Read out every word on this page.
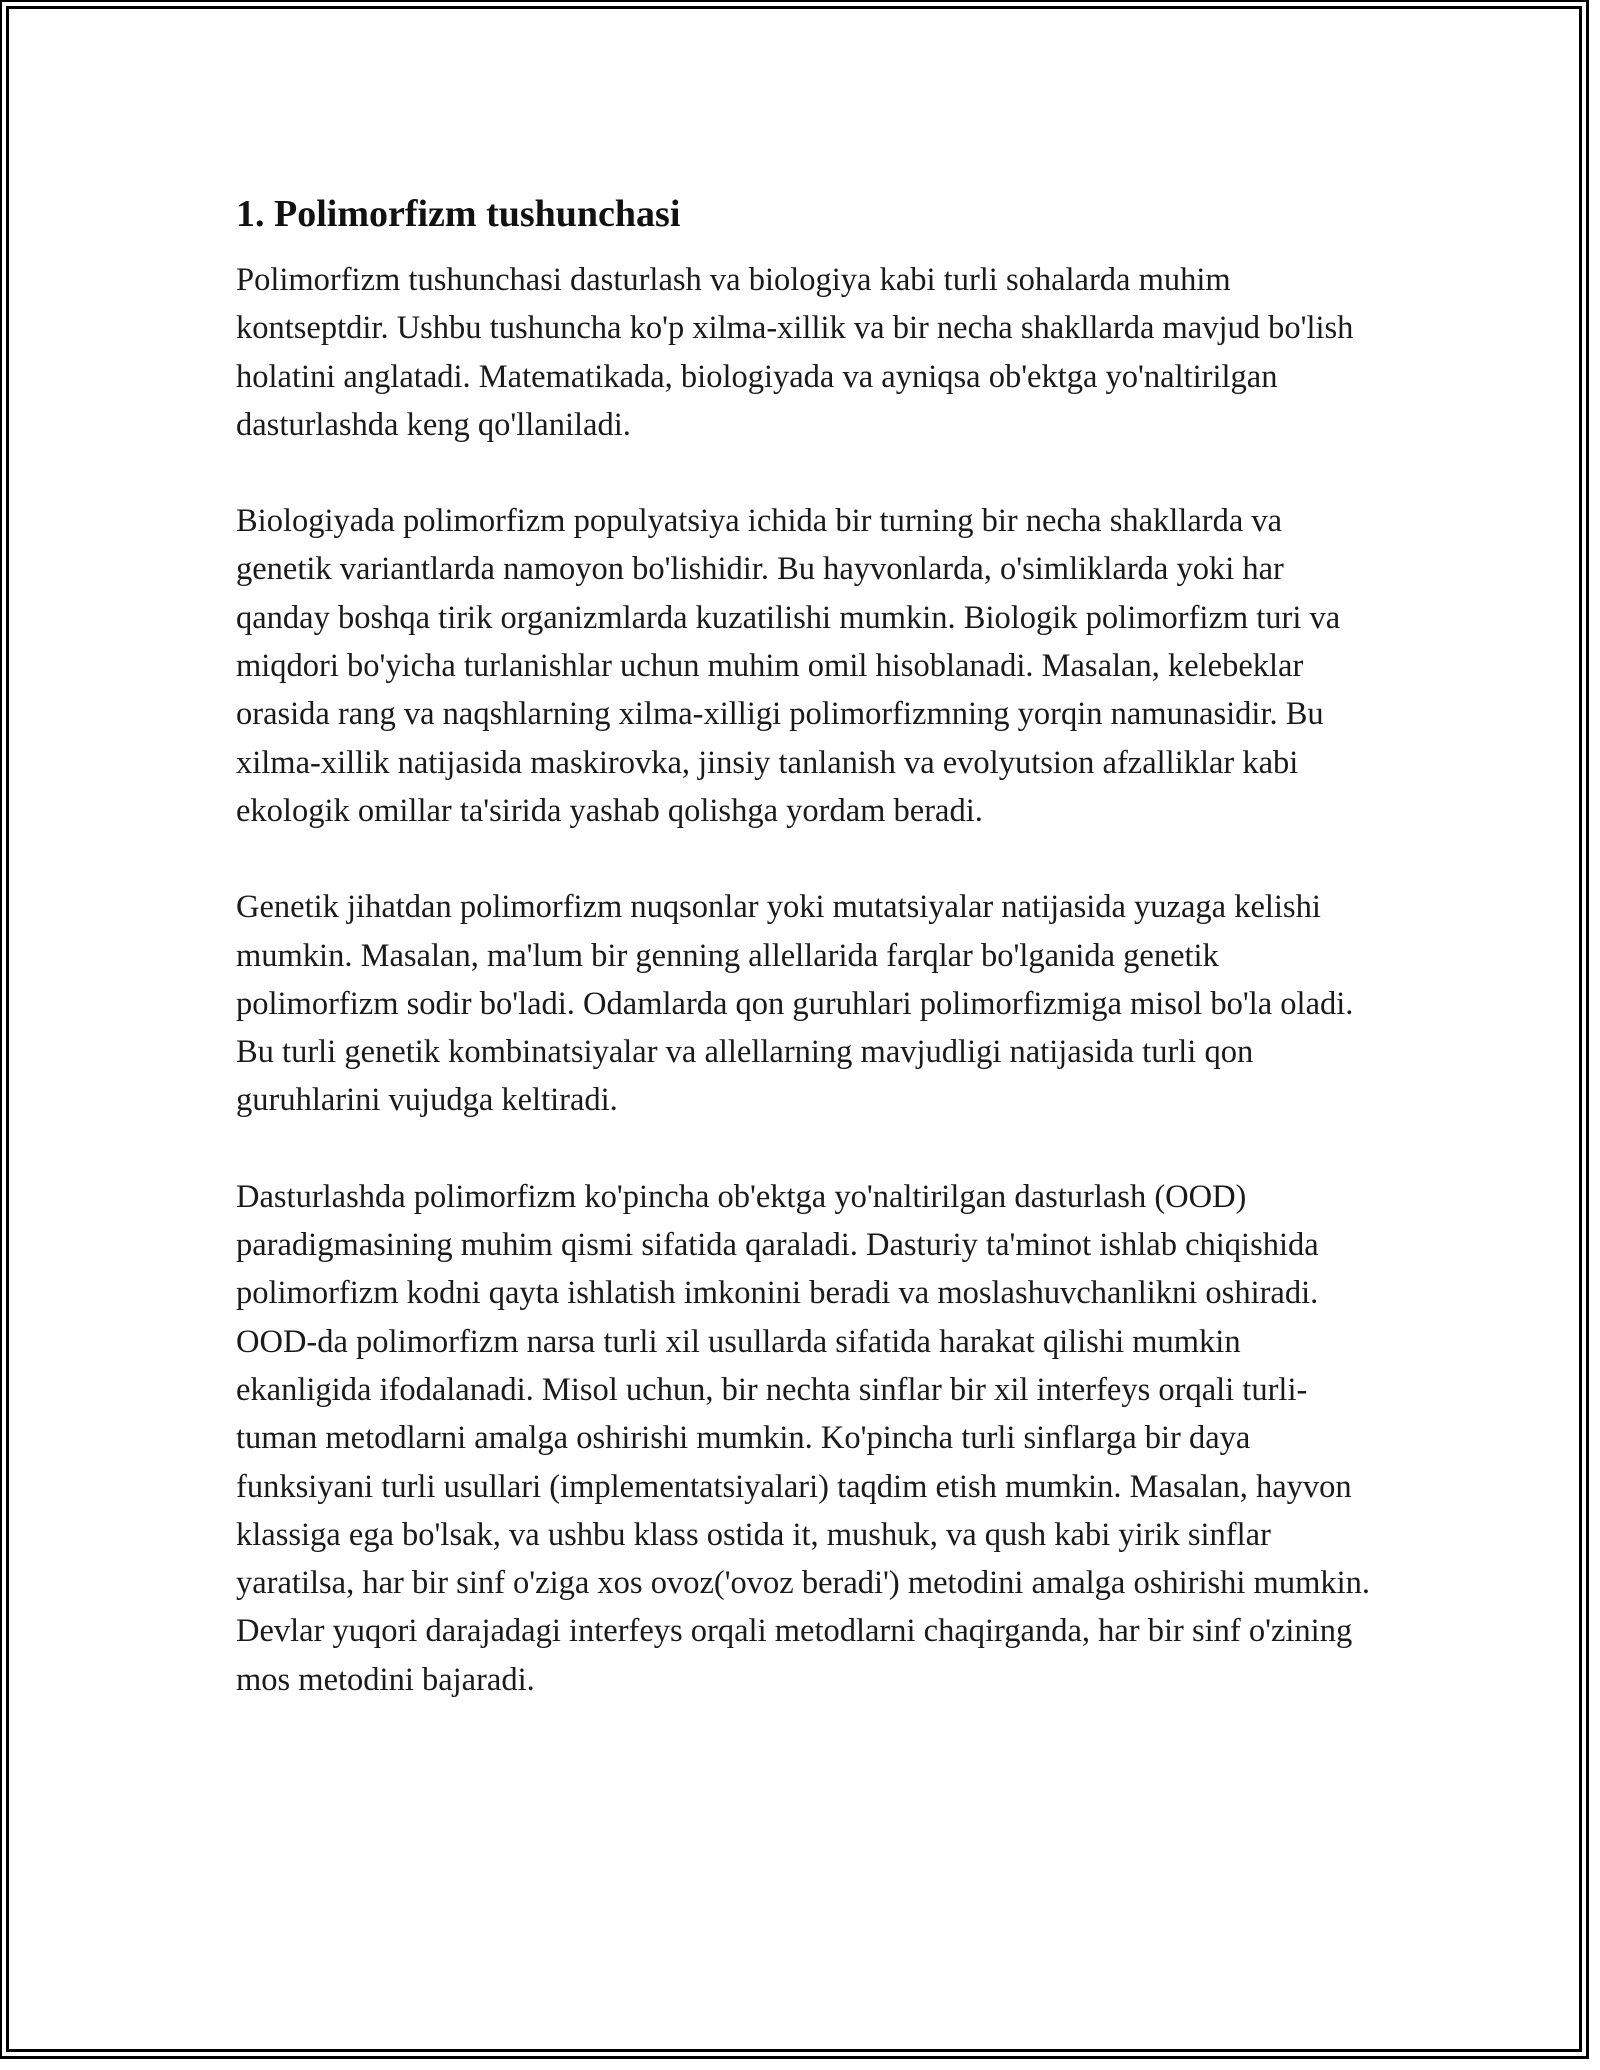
1. Polimorfizm tushunchasi

Polimorfizm tushunchasi dasturlash va biologiya kabi turli sohalarda muhim kontseptdir. Ushbu tushuncha ko'p xilma-xillik va bir necha shakllarda mavjud bo'lish holatini anglatadi. Matematikada, biologiyada va ayniqsa ob'ektga yo'naltirilgan dasturlashda keng qo'llaniladi.

Biologiyada polimorfizm populyatsiya ichida bir turning bir necha shakllarda va genetik variantlarda namoyon bo'lishidir. Bu hayvonlarda, o'simliklarda yoki har qanday boshqa tirik organizmlarda kuzatilishi mumkin. Biologik polimorfizm turi va miqdori bo'yicha turlanishlar uchun muhim omil hisoblanadi. Masalan, kelebeklar orasida rang va naqshlarning xilma-xilligi polimorfizmning yorqin namunasidir. Bu xilma-xillik natijasida maskirovka, jinsiy tanlanish va evolyutsion afzalliklar kabi ekologik omillar ta'sirida yashab qolishga yordam beradi.

Genetik jihatdan polimorfizm nuqsonlar yoki mutatsiyalar natijasida yuzaga kelishi mumkin. Masalan, ma'lum bir genning allellarida farqlar bo'lganida genetik polimorfizm sodir bo'ladi. Odamlarda qon guruhlari polimorfizmiga misol bo'la oladi. Bu turli genetik kombinatsiyalar va allellarning mavjudligi natijasida turli qon guruhlarini vujudga keltiradi.

Dasturlashda polimorfizm ko'pincha ob'ektga yo'naltirilgan dasturlash (OOD) paradigmasining muhim qismi sifatida qaraladi. Dasturiy ta'minot ishlab chiqishida polimorfizm kodni qayta ishlatish imkonini beradi va moslashuvchanlikni oshiradi. OOD-da polimorfizm narsa turli xil usullarda sifatida harakat qilishi mumkin ekanligida ifodalanadi. Misol uchun, bir nechta sinflar bir xil interfeys orqali turli-tuman metodlarni amalga oshirishi mumkin. Ko'pincha turli sinflarga bir daya funksiyani turli usullari (implementatsiyalari) taqdim etish mumkin. Masalan, hayvon klassiga ega bo'lsak, va ushbu klass ostida it, mushuk, va qush kabi yirik sinflar yaratilsa, har bir sinf o'ziga xos ovoz('ovoz beradi') metodini amalga oshirishi mumkin. Devlar yuqori darajadagi interfeys orqali metodlarni chaqirganda, har bir sinf o'zining mos metodini bajaradi.
